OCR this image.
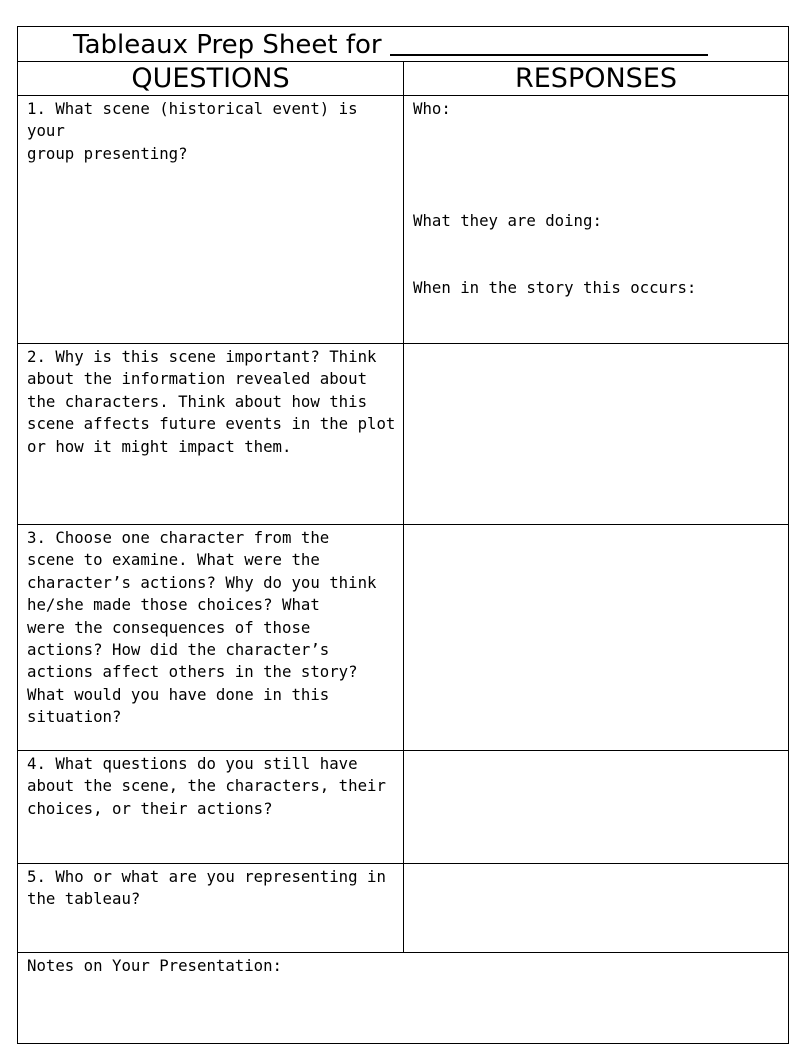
Tableaux Prep Sheet for
QUESTIONS	RESPONSES
1. What scene (historical event) is your
group presenting?
Who:
What they are doing:
When in the story this occurs:
2. Why is this scene important? Think
about the information revealed about
the characters. Think about how this
scene affects future events in the plot
or how it might impact them.
3. Choose one character from the
scene to examine. What were the
character’s actions? Why do you think
he/she made those choices? What
were the consequences of those
actions? How did the character’s
actions affect others in the story?
What would you have done in this
situation?
4. What questions do you still have
about the scene, the characters, their
choices, or their actions?
5. Who or what are you representing in
the tableau?
Notes on Your Presentation:
